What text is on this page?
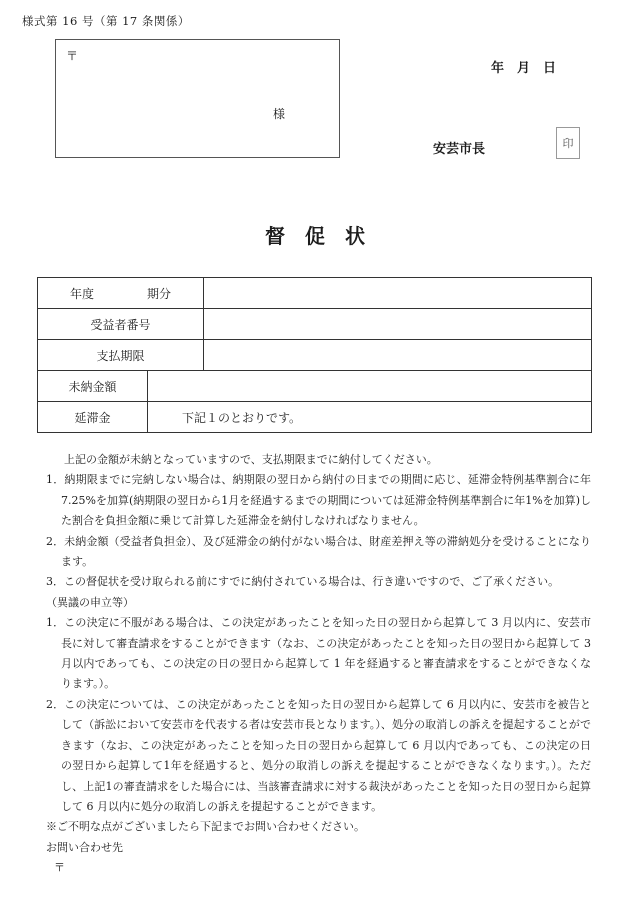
様式第 16 号（第 17 条関係）
〒
様
年　月　日
安芸市長	印
督　促　状
年度	期分
受益者番号
支払期限
未納金額
延滞金	下記１のとおりです。

上記の金額が未納となっていますので、支払期限までに納付してください。

1．納期限までに完納しない場合は、納期限の翌日から納付の日までの期間に応じ、延滞金特例基準割合に年 7.25%を加算(納期限の翌日から1月を経過するまでの期間については延滞金特例基準割合に年1%を加算)した割合を負担金額に乗じて計算した延滞金を納付しなければなりません。

2．未納金額（受益者負担金）、及び延滞金の納付がない場合は、財産差押え等の滞納処分を受けることになります。

3．この督促状を受け取られる前にすでに納付されている場合は、行き違いですので、ご了承ください。

（異議の申立等）

1．この決定に不服がある場合は、この決定があったことを知った日の翌日から起算して 3 月以内に、安芸市長に対して審査請求をすることができます（なお、この決定があったことを知った日の翌日から起算して 3 月以内であっても、この決定の日の翌日から起算して 1 年を経過すると審査請求をすることができなくなります。）。

2．この決定については、この決定があったことを知った日の翌日から起算して 6 月以内に、安芸市を被告として（訴訟において安芸市を代表する者は安芸市長となります。）、処分の取消しの訴えを提起することができます（なお、この決定があったことを知った日の翌日から起算して 6 月以内であっても、この決定の日の翌日から起算して1年を経過すると、処分の取消しの訴えを提起することができなくなります。）。ただし、上記1の審査請求をした場合には、当該審査請求に対する裁決があったことを知った日の翌日から起算して 6 月以内に処分の取消しの訴えを提起することができます。

※ご不明な点がございましたら下記までお問い合わせください。

お問い合わせ先

〒
